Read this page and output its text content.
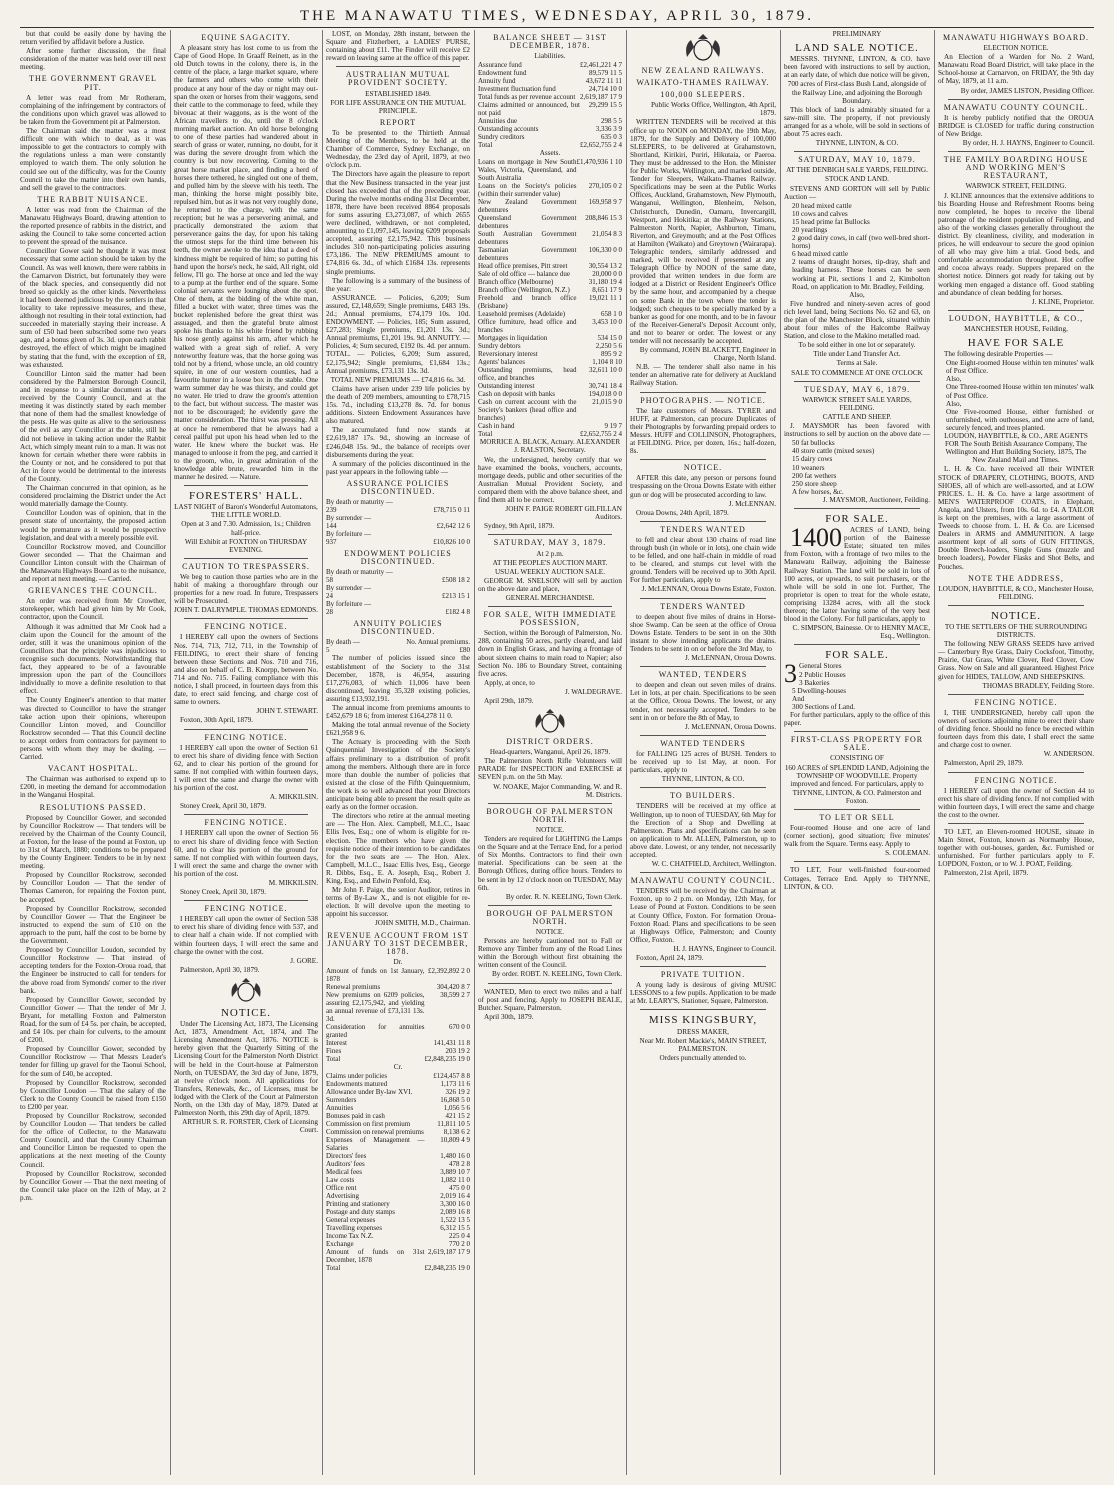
THE MANAWATU TIMES, WEDNESDAY, APRIL 30, 1879.

but that could be easily done by having the return verified by affidavit before a Justice.

After some further discussion, the final consideration of the matter was held over till next meeting.

THE GOVERNMENT GRAVEL PIT.

A letter was read from Mr Rotheram, complaining of the infringement by contractors of the conditions upon which gravel was allowed to be taken from the Government pit at Palmerston.

The Chairman said the matter was a most difficult one with which to deal, as it was impossible to get the contractors to comply with the regulations unless a man were constantly employed to watch them. The only solution he could see out of the difficulty, was for the County Council to take the matter into their own hands, and sell the gravel to the contractors.

THE RABBIT NUISANCE.

A letter was read from the Chairman of the Manawatu Highways Board, drawing attention to the reported presence of rabbits in the district, and asking the Council to take some concerted action to prevent the spread of the nuisance.

Councillor Gower said he thought it was most necessary that some action should be taken by the Council. As was well known, there were rabbits in the Carnarvon District, but fortunately they were of the black species, and consequently did not breed so quickly as the other kinds. Nevertheless it had been deemed judicious by the settlers in that locality to take repressive measures, and these, although not resulting in their total extinction, had succeeded in materially staying their increase. A sum of £50 had been subscribed some two years ago, and a bonus given of 3s. 3d. upon each rabbit destroyed, the effect of which might be imagined by stating that the fund, with the exception of £8, was exhausted.

Councillor Linton said the matter had been considered by the Palmerston Borough Council, and in response to a similar document as that received by the County Council, and at the meeting it was distinctly stated by each member that none of them had the smallest knowledge of the pests. He was quite as alive to the seriousness of the evil as any Councillor at the table, still he did not believe in taking action under the Rabbit Act, which simply meant ruin to a man. It was not known for certain whether there were rabbits in the County or not, and he considered to put that Act in force would be detrimental to the interests of the County.

The Chairman concurred in that opinion, as he considered proclaiming the District under the Act would materially damage the County.

Councillor Loudon was of opinion, that in the present state of uncertainty, the proposed action would be premature as it would be prospective legislation, and deal with a merely possible evil.

Councillor Rockstrow moved, and Councillor Gower seconded — That the Chairman and Councillor Linton consult with the Chairman of the Manawatu Highways Board as to the nuisance, and report at next meeting. — Carried.

GRIEVANCES THE COUNCIL.

An order was received from Mr Crowther, storekeeper, which had given him by Mr Cook, contractor, upon the Council.

Although it was admitted that Mr Cook had a claim upon the Council for the amount of the order, still it was the unanimous opinion of the Councillors that the principle was injudicious to recognise such documents. Notwithstanding that fact, they appeared to be of a favourable impression upon the part of the Councillors individually to move a definite resolution to that effect.

The County Engineer's attention to that matter was directed to Councillor to have the stranger take action upon their opinions, whereupon Councillor Linton moved, and Councillor Rockstrow seconded — That this Council decline to accept orders from contractors for payment to persons with whom they may be dealing. — Carried.

VACANT HOSPITAL.

The Chairman was authorised to expend up to £200, in meeting the demand for accommodation in the Wanganui Hospital.

RESOLUTIONS PASSED.

Proposed by Councillor Gower, and seconded by Councillor Rockstrow — That tenders will be received by the Chairman of the County Council, at Foxton, for the lease of the pound at Foxton, up to 31st of March, 1880; conditions to be prepared by the County Engineer. Tenders to be in by next meeting.

Proposed by Councillor Rockstrow, seconded by Councillor Loudon — That the tender of Thomas Cameron, for repairing the Foxton punt, be accepted.

Proposed by Councillor Rockstrow, seconded by Councillor Gower — That the Engineer be instructed to expend the sum of £10 on the approach to the punt, half the cost to be borne by the Government.

Proposed by Councillor Loudon, seconded by Councillor Rockstrow — That instead of accepting tenders for the Foxton-Oroua road, that the Engineer be instructed to call for tenders for the above road from Symonds' corner to the river bank.

Proposed by Councillor Gower, seconded by Councillor Gower — That the tender of Mr J. Bryant, for metalling Foxton and Palmerston Road, for the sum of £4 5s. per chain, be accepted, and £4 10s. per chain for culverts, to the amount of £200.

Proposed by Councillor Gower, seconded by Councillor Rockstrow — That Messrs Leader's tender for filling up gravel for the Taonui School, for the sum of £40, be accepted.

Proposed by Councillor Rockstrow, seconded by Councillor Loudon — That the salary of the Clerk to the County Council be raised from £150 to £200 per year.

Proposed by Councillor Rockstrow, seconded by Councillor Loudon — That tenders be called for the office of Collector, to the Manawatu County Council, and that the County Chairman and Councillor Linton be requested to open the applications at the next meeting of the County Council.

Proposed by Councillor Rockstrow, seconded by Councillor Gower — That the next meeting of the Council take place on the 12th of May, at 2 p.m.

EQUINE SAGACITY.

A pleasant story has lost come to us from the Cape of Good Hope. In Graaff Reinett, as in the old Dutch towns in the colony, there is, in the centre of the place, a large market square, where the farmers and others who come with their produce at any hour of the day or night may out-span the oxen or horses from their waggons, send their cattle to the commonage to feed, while they bivouac at their waggons, as is the wont of the African travellers to do, until the 8 o'clock morning market auction. An old horse belonging to one of these parties had wandered about in search of grass or water, running, no doubt, for it was during the severe drought from which the country is but now recovering. Coming to the great horse market place, and finding a herd of horses there tethered, he singled out one of them, and pulled him by the sleeve with his teeth. The man, thinking the horse might possibly bite, repulsed him, but as it was not very roughly done, he returned to the charge, with the same reception; but he was a persevering animal, and practically demonstrated the axiom that perseverance gains the day, for upon his taking the utmost steps for the third time between his teeth, the owner awoke to the idea that a deed of kindness might be required of him; so putting his hand upon the horse's neck, he said, All right, old fellow, I'll go. The horse at once and led the way to a pump at the further end of the square. Some colonial servants were lounging about the spot. One of them, at the bidding of the white man, filled a bucket with water, three times was the bucket replenished before the great thirst was assuaged, and then the grateful brute almost spoke his thanks to his white friend by rubbing his nose gently against his arm, after which he walked with a great sigh of relief. A very noteworthy feature was, that the horse going was told not by a friend, whose uncle, an old country squire, in one of our western counties, had a favourite hunter in a loose box in the stable. One warm summer day he was thirsty, and could get no water. He tried to draw the groom's attention to the fact, but without success. The master was not to be discouraged; he evidently gave the matter consideration. The thirst was pressing. All at once he remembered that he always had a cereal pailful put upon his head when led to the water. He knew where the bucket was. He managed to unloose it from the peg, and carried it to the groom, who, in great admiration of the knowledge able brute, rewarded him in the manner he desired. — Nature.

FORESTERS' HALL.

LAST NIGHT of Baron's Wonderful Automatons, THE LITTLE WORLD.

Open at 3 and 7.30. Admission, 1s.; Children half-price.

Will Exhibit at FOXTON on THURSDAY EVENING.

CAUTION TO TRESPASSERS.

We beg to caution those parties who are in the habit of making a thoroughfare through our properties for a new road. In future, Trespassers will be Prosecuted.

JOHN T. DALRYMPLE. THOMAS EDMONDS.

FENCING NOTICE.

I HEREBY call upon the owners of Sections Nos. 714, 713, 712, 711, in the Township of FEILDING, to erect their share of fencing between these Sections and Nos. 710 and 716, and also on behalf of C. B. Knorpp, between No. 714 and No. 715. Failing compliance with this notice, I shall proceed, in fourteen days from this date, to erect said fencing, and charge cost of same to owners.

JOHN T. STEWART.

Foxton, 30th April, 1879.

FENCING NOTICE.

I HEREBY call upon the owner of Section 61 to erect his share of dividing fence with Section 62, and to clear his portion of the ground for same. If not complied with within fourteen days, I will erect the same and charge the owner with his portion of the cost.

A. MIKKILSIN.

Stoney Creek, April 30, 1879.

FENCING NOTICE.

I HEREBY call upon the owner of Section 56 to erect his share of dividing fence with Section 60, and to clear his portion of the ground for same. If not complied with within fourteen days, I will erect the same and charge the owner with his portion of the cost.

M. MIKKILSIN.

Stoney Creek, April 30, 1879.

FENCING NOTICE.

I HEREBY call upon the owner of Section 538 to erect his share of dividing fence with 537, and to clear half a chain wide. If not complied with within fourteen days, I will erect the same and charge the owner with the cost.

J. GORE.

Palmerston, April 30, 1879.

NOTICE.

Under The Licensing Act, 1873, The Licensing Act, 1873, Amendment Act, 1874, and The Licensing Amendment Act, 1876. NOTICE is hereby given that the Quarterly Sitting of the Licensing Court for the Palmerston North District will be held in the Court-house at Palmerston North, on TUESDAY, the 3rd day of June, 1879, at twelve o'clock noon. All applications for Transfers, Renewals, &c., of Licenses, must be lodged with the Clerk of the Court at Palmerston North, on the 13th day of May, 1879. Dated at Palmerston North, this 29th day of April, 1879.

ARTHUR S. R. FORSTER, Clerk of Licensing Court.

LOST, on Monday, 28th instant, between the Square and Fitzherbert, a LADIES' PURSE, containing about £11. The Finder will receive £2 reward on leaving same at the office of this paper.

AUSTRALIAN MUTUAL PROVIDENT SOCIETY.

ESTABLISHED 1849.

FOR LIFE ASSURANCE ON THE MUTUAL PRINCIPLE.

REPORT

To be presented to the Thirtieth Annual Meeting of the Members, to be held at the Chamber of Commerce, Sydney Exchange, on Wednesday, the 23rd day of April, 1879, at two o'clock p.m.

The Directors have again the pleasure to report that the New Business transacted in the year just closed has exceeded that of the preceding year. During the twelve months ending 31st December, 1878, there have been received 8864 proposals for sums assuring £3,273,087, of which 2655 were declined, withdrawn, or not completed, amounting to £1,097,145, leaving 6209 proposals accepted, assuring £2,175,942. This business includes 310 non-participating policies assuring £73,186. The NEW PREMIUMS amount to £74,816 6s. 3d., of which £1684 13s. represents single premiums.

The following is a summary of the business of the year:

ASSURANCE. — Policies, 6,209; Sum assured, £2,148,659; Single premiums, £483 19s. 2d.; Annual premiums, £74,179 10s. 10d. ENDOWMENT. — Policies, 185; Sum assured, £27,283; Single premiums, £1,201 13s. 3d.; Annual premiums, £1,201 19s. 9d. ANNUITY. — Policies, 4; Sum secured, £192 0s. 4d. per annum. TOTAL. — Policies, 6,209; Sum assured, £2,175,942; Single premiums, £1,684 13s.; Annual premiums, £73,131 13s. 3d.

TOTAL NEW PREMIUMS — £74,816 6s. 3d.

Claims have arisen under 239 life policies by the death of 209 members, amounting to £78,715 15s. 7d., including £13,278 8s. 7d. for bonus additions. Sixteen Endowment Assurances have also matured.

The accumulated fund now stands at £2,619,187 17s. 9d., showing an increase of £246,048 15s. 9d., the balance of receipts over disbursements during the year.

A summary of the policies discontinued in the past year appears in the following table —

ASSURANCE POLICIES DISCONTINUED.
By death or maturity —	
239	£78,715 0 11
By surrender —	
144	£2,642 12 6
By forfeiture —	
937	£10,826 10 0
ENDOWMENT POLICIES DISCONTINUED.
By death or maturity —	
58	£508 18 2
By surrender —	
24	£213 15 1
By forfeiture —	
28	£182 4 8
ANNUITY POLICIES DISCONTINUED.
By death —	No. Annual premiums.
5	£80

The number of policies issued since the establishment of the Society to the 31st December, 1878, is 46,954, assuring £17,276,083, of which 11,006 have been discontinued, leaving 35,328 existing policies, assuring £13,932,191.

The annual income from premiums amounts to £452,679 18 6; from interest £164,278 11 0.

Making the total annual revenue of the Society £621,958 9 6.

The Actuary is proceeding with the Sixth Quinquennial Investigation of the Society's affairs preliminary to a distribution of profit among the members. Although there are in force more than double the number of policies that existed at the close of the Fifth Quinquennium, the work is so well advanced that your Directors anticipate being able to present the result quite as early as on the former occasion.

The directors who retire at the annual meeting are — The Hon. Alex. Campbell, M.L.C., Isaac Ellis Ives, Esq.; one of whom is eligible for re-election. The members who have given the requisite notice of their intention to be candidates for the two seats are — The Hon. Alex. Campbell, M.L.C., Isaac Ellis Ives, Esq., George R. Dibbs, Esq., E. A. Joseph, Esq., Robert J. King, Esq., and Edwin Penfold, Esq.

Mr John F. Paige, the senior Auditor, retires in terms of By-Law X., and is not eligible for re-election. It will devolve upon the meeting to appoint his successor.

JOHN SMITH, M.D., Chairman.

REVENUE ACCOUNT FROM 1ST JANUARY TO 31ST DECEMBER, 1878.

Dr.

Amount of funds on 1st January, 1878	£2,392,892 2 0
Renewal premiums	304,420 8 7
New premiums on 6209 policies, assuring £2,175,942, and yielding an annual revenue of £73,131 13s. 3d.	38,599 2 7
Consideration for annuities granted	670 0 0
Interest	141,431 11 8
Fines	203 19 2
Total	£2,848,235 19 0

Cr.

Claims under policies	£124,457 8 8
Endowments matured	1,173 11 6
Allowance under By-law XVI.	326 19 2
Surrenders	16,868 5 0
Annuities	1,056 5 6
Bonuses paid in cash	421 15 2
Commission on first premium	11,811 10 5
Commission on renewal premiums	8,138 6 2
Expenses of Management — Salaries	10,809 4 9
Directors' fees	1,480 16 0
Auditors' fees	478 2 8
Medical fees	3,889 10 7
Law costs	1,082 11 0
Office rent	475 0 0
Advertising	2,019 16 4
Printing and stationery	3,300 16 0
Postage and duty stamps	2,089 16 8
General expenses	1,522 13 5
Travelling expenses	6,312 15 5
Income Tax N.Z.	225 0 4
Exchange	770 2 0
Amount of funds on 31st December, 1878	2,619,187 17 9
Total	£2,848,235 19 0
BALANCE SHEET — 31ST DECEMBER, 1878.

Liabilities.

Assurance fund	£2,461,221 4 7
Endowment fund	89,579 11 5
Annuity fund	43,672 11 11
Investment fluctuation fund	24,714 10 0
Total funds as per revenue account	2,619,187 17 9
Claims admitted or announced, but not paid	29,299 15 5
Annuities due	298 5 5
Outstanding accounts	3,336 3 9
Sundry creditors	635 0 3
Total	£2,652,755 2 4

Assets.

Loans on mortgage in New South Wales, Victoria, Queensland, and South Australia	£1,470,936 1 10
Loans on the Society's policies (within their surrender value)	270,105 0 2
New Zealand Government debentures	169,958 9 7
Queensland Government debentures	208,846 15 3
South Australian Government debentures	21,054 8 3
Tasmanian Government debentures	106,330 0 0
Head office premises, Pitt street	30,554 13 2
Sale of old office — balance due	20,000 0 0
Branch office (Melbourne)	31,180 19 4
Branch office (Wellington, N.Z.)	8,651 17 9
Freehold and branch office (Brisbane)	19,021 11 1
Leasehold premises (Adelaide)	658 1 0
Office furniture, head office and branches	3,453 10 0
Mortgages in liquidation	534 15 0
Sundry debtors	2,250 5 6
Reversionary interest	895 9 2
Agents' balances	1,104 8 10
Outstanding premiums, head office, and branches	32,611 10 0
Outstanding interest	30,741 18 4
Cash on deposit with banks	194,018 0 0
Cash on current account with the Society's bankers (head office and branches)	21,015 9 0
Cash in hand	9 19 7
Total	£2,652,755 2 4

MORRICE A. BLACK, Actuary. ALEXANDER J. RALSTON, Secretary.

We, the undersigned, hereby certify that we have examined the books, vouchers, accounts, mortgage deeds, public and other securities of the Australian Mutual Provident Society, and compared them with the above balance sheet, and find them all to be correct.

JOHN F. PAIGE ROBERT GILFILLAN Auditors.

Sydney, 9th April, 1879.

SATURDAY, MAY 3, 1879.

At 2 p.m.

AT THE PEOPLE'S AUCTION MART.

USUAL WEEKLY AUCTION SALE.

GEORGE M. SNELSON will sell by auction on the above date and place,

GENERAL MERCHANDISE.

FOR SALE, WITH IMMEDIATE POSSESSION,

Section, within the Borough of Palmerston, No. 288, containing 50 acres, partly cleared, and laid down in English Grass, and having a frontage of about sixteen chains to main road to Napier; also Section No. 186 to Boundary Street, containing five acres.

Apply, at once, to

J. WALDEGRAVE.

April 29th, 1879.

DISTRICT ORDERS.

Head-quarters, Wanganui, April 26, 1879.

The Palmerston North Rifle Volunteers will PARADE for INSPECTION and EXERCISE at SEVEN p.m. on the 5th May.

W. NOAKE, Major Commanding, W. and R. M. Districts.

BOROUGH OF PALMERSTON NORTH.

NOTICE.

Tenders are required for LIGHTING the Lamps on the Square and at the Terrace End, for a period of Six Months. Contractors to find their own material. Specifications can be seen at the Borough Offices, during office hours. Tenders to be sent in by 12 o'clock noon on TUESDAY, May 6th.

By order. R. N. KEELING, Town Clerk.

BOROUGH OF PALMERSTON NORTH.

NOTICE.

Persons are hereby cautioned not to Fall or Remove any Timber from any of the Road Lines within the Borough without first obtaining the written consent of the Council.

By order. ROBT. N. KEELING, Town Clerk.

WANTED, Men to erect two miles and a half of post and fencing. Apply to JOSEPH BEALE, Butcher. Square, Palmerston.

April 30th, 1879.

NEW ZEALAND RAILWAYS.
WAIKATO-THAMES RAILWAY.
100,000 SLEEPERS.

Public Works Office, Wellington, 4th April, 1879.

WRITTEN TENDERS will be received at this office up to NOON on MONDAY, the 19th May, 1879, for the Supply and Delivery of 100,000 SLEEPERS, to be delivered at Grahamstown, Shortland, Kirikiri, Puriri, Hikutaia, or Paeroa. They must be addressed to the Hon. the Minister for Public Works, Wellington, and marked outside, Tender for Sleepers, Waikato-Thames Railway. Specifications may be seen at the Public Works Offices, Auckland, Grahamstown, New Plymouth, Wanganui, Wellington, Blenheim, Nelson, Christchurch, Dunedin, Oamaru, Invercargill, Westport, and Hokitika; at the Railway Stations, Palmerston North, Napier, Ashburton, Timaru, Riverton, and Greymouth; and at the Post Offices at Hamilton (Waikato) and Greytown (Wairarapa). Telegraphic tenders, similarly addressed and marked, will be received if presented at any Telegraph Office by NOON of the same date, provided that written tenders in due form are lodged at a District or Resident Engineer's Office by the same hour, and accompanied by a cheque on some Bank in the town where the tender is lodged; such cheques to be specially marked by a banker as good for one month, and to be in favour of the Receiver-General's Deposit Account only, and not to bearer or order. The lowest or any tender will not necessarily be accepted.

By command, JOHN BLACKETT, Engineer in Charge, North Island.

N.B. — The tenderer shall also name in his tender an alternative rate for delivery at Auckland Railway Station.

PHOTOGRAPHS. — NOTICE.

The late customers of Messrs. TYRER and HUFF, at Palmerston, can procure Duplicates of their Photographs by forwarding prepaid orders to Messrs. HUFF and COLLINSON, Photographers, at FEILDING. Price, per dozen, 16s.; half-dozen, 8s.

NOTICE.

AFTER this date, any person or persons found trespassing on the Oroua Downs Estate with either gun or dog will be prosecuted according to law.

J. McLENNAN.

Oroua Downs, 24th April, 1879.

TENDERS WANTED

to fell and clear about 130 chains of road line through bush (in whole or in lots), one chain wide to be felled, and one half-chain in middle of road to be cleared, and stumps cut level with the ground. Tenders will be received up to 30th April. For further particulars, apply to

J. McLENNAN, Oroua Downs Estate, Foxton.

TENDERS WANTED

to deepen about five miles of drains in Horse-shoe Swamp. Can be seen at the office of Oroua Downs Estate. Tenders to be sent in on the 30th instant to show intending applicants the drains. Tenders to be sent in on or before the 3rd May, to

J. McLENNAN, Oroua Downs.

WANTED, TENDERS

to deepen and clean out seven miles of drains. Let in lots, at per chain. Specifications to be seen at the Office, Oroua Downs. The lowest, or any tender, not necessarily accepted. Tenders to be sent in on or before the 8th of May, to

J. McLENNAN, Oroua Downs.

WANTED TENDERS

for FALLING 125 acres of BUSH. Tenders to be received up to 1st May, at noon. For particulars, apply to

THYNNE, LINTON, & CO.

TO BUILDERS.

TENDERS will be received at my office at Wellington, up to noon of TUESDAY, 6th May for the Erection of a Shop and Dwelling at Palmerston. Plans and specifications can be seen on application to Mr. ALLEN, Palmerston, up to above date. Lowest, or any tender, not necessarily accepted.

W. C. CHATFIELD, Architect, Wellington.

MANAWATU COUNTY COUNCIL.

TENDERS will be received by the Chairman at Foxton, up to 2 p.m. on Monday, 12th May, for Lease of Pound at Foxton. Conditions to be seen at County Office, Foxton. For formation Oroua-Foxton Road. Plans and specifications to be seen at Highways Office, Palmerston; and County Office, Foxton.

H. J. HAYNS, Engineer to Council.

Foxton, April 24, 1879.

PRIVATE TUITION.

A young lady is desirous of giving MUSIC LESSONS to a few pupils. Application to be made at Mr. LEARY'S, Stationer, Square, Palmerston.

MISS KINGSBURY,

DRESS MAKER,

Near Mr. Robert Mackie's, MAIN STREET, PALMERSTON.

Orders punctually attended to.

PRELIMINARY

LAND SALE NOTICE.

MESSRS. THYNNE, LINTON, & CO. have been favored with instructions to sell by auction, at an early date, of which due notice will be given,

700 acres of First-class Bush Land, alongside of the Railway Line, and adjoining the Borough Boundary.

This block of land is admirably situated for a saw-mill site. The property, if not previously arranged for as a whole, will be sold in sections of about 75 acres each.

THYNNE, LINTON, & CO.

SATURDAY, MAY 10, 1879.

AT THE DENBIGH SALE YARDS, FEILDING.

STOCK AND LAND.

STEVENS AND GORTON will sell by Public Auction —

20 head mixed cattle
10 cows and calves
15 head prime fat Bullocks
20 yearlings
2 good dairy cows, in calf (two well-bred short-horns)
6 head mixed cattle
2 teams of draught horses, tip-dray, shaft and leading harness. These horses can be seen working at Pit, sections 1 and 2, Kimbolton Road, on application to Mr. Bradley, Feilding.

Also,

Five hundred and ninety-seven acres of good rich level land, being Sections No. 62 and 63, on the plan of the Manchester Block, situated within about four miles of the Halcombe Railway Station, and close to the Makino metalled road.

To be sold either in one lot or separately.

Title under Land Transfer Act.

Terms at Sale.

SALE TO COMMENCE AT ONE O'CLOCK

TUESDAY, MAY 6, 1879.

WARWICK STREET SALE YARDS, FEILDING.

CATTLE AND SHEEP.

J. MAYSMOR has been favored with instructions to sell by auction on the above date —

50 fat bullocks
40 store cattle (mixed sexes)
15 dairy cows
10 weaners
200 fat wethers
250 store sheep
A few horses, &c.

J. MAYSMOR, Auctioneer, Feilding.

FOR SALE.

1400 ACRES of LAND, being portion of the Bainesse Estate; situated ten miles from Foxton, with a frontage of two miles to the Manawatu Railway, adjoining the Bainesse Railway Station. The land will be sold in lots of 100 acres, or upwards, to suit purchasers, or the whole will be sold in one lot. Further, The proprietor is open to treat for the whole estate, comprising 13284 acres, with all the stock thereon; the latter having some of the very best blood in the Colony. For full particulars, apply to

C. SIMPSON, Bainesse. Or to HENRY MACE, Esq., Wellington.

FOR SALE.
3 General Stores
2 Public Houses
3 Bakeries
5 Dwelling-houses
And
300 Sections of Land.

For further particulars, apply to the office of this paper.

FIRST-CLASS PROPERTY FOR SALE.

CONSISTING OF

160 ACRES of SPLENDID LAND, Adjoining the TOWNSHIP OF WOODVILLE. Property improved and fenced. For particulars, apply to

THYNNE, LINTON, & CO. Palmerston and Foxton.

TO LET OR SELL

Four-roomed House and one acre of land (corner section), good situation; five minutes' walk from the Square. Terms easy. Apply to

S. COLEMAN.

TO LET, Four well-finished four-roomed Cottages, Terrace End. Apply to THYNNE, LINTON, & CO.

MANAWATU HIGHWAYS BOARD.

ELECTION NOTICE.

An Election of a Warden for No. 2 Ward, Manawatu Road Board District, will take place in the School-house at Carnarvon, on FRIDAY, the 9th day of May, 1879, at 11 a.m.

By order, JAMES LISTON, Presiding Officer.

MANAWATU COUNTY COUNCIL.

It is hereby publicly notified that the OROUA BRIDGE is CLOSED for traffic during construction of New Bridge.

By order, H. J. HAYNS, Engineer to Council.

THE FAMILY BOARDING HOUSE AND WORKING MEN'S RESTAURANT,

WARWICK STREET, FEILDING.

J. KLINE announces that the extensive additions to his Boarding House and Refreshment Rooms being now completed, he hopes to receive the liberal patronage of the resident population of Feilding, and also of the working classes generally throughout the district. By cleanliness, civility, and moderation in prices, he will endeavour to secure the good opinion of all who may give him a trial. Good beds, and comfortable accommodation throughout. Hot coffee and cocoa always ready. Suppers prepared on the shortest notice. Dinners got ready for taking out by working men engaged a distance off. Good stabling and abundance of clean bedding for horses.

J. KLINE, Proprietor.

LOUDON, HAYBITTLE, & CO.,

MANCHESTER HOUSE, Feilding,

HAVE FOR SALE

The following desirable Properties —

One Eight-roomed House within ten minutes' walk of Post Office.
Also,
One Three-roomed House within ten minutes' walk of Post Office.
Also,
One Five-roomed House, either furnished or unfurnished, with outhouses, and one acre of land, securely fenced, and trees planted.

LOUDON, HAYBITTLE, & CO., ARE AGENTS FOR The South British Assurance Company, The Wellington and Hutt Building Society, 1875, The New Zealand Mail and Times.

L. H. & Co. have received all their WINTER STOCK of DRAPERY, CLOTHING, BOOTS, AND SHOES, all of which are well-assorted, and at LOW PRICES. L. H. & Co. have a large assortment of MEN'S WATERPROOF COATS, in Elephant, Angola, and Ulsters, from 10s. 6d. to £4. A TAILOR is kept on the premises, with a large assortment of Tweeds to choose from. L. H. & Co. are Licensed Dealers in ARMS and AMMUNITION. A large assortment kept of all sorts of GUN FITTINGS, Double Breech-loaders, Single Guns (muzzle and breech loaders), Powder Flasks and Shot Belts, and Pouches.

NOTE THE ADDRESS,

LOUDON, HAYBITTLE, & CO., Manchester House, FEILDING.

NOTICE.

TO THE SETTLERS OF THE SURROUNDING DISTRICTS.

The following NEW GRASS SEEDS have arrived — Canterbury Rye Grass, Dairy Cocksfoot, Timothy, Prairie, Oat Grass, White Clover, Red Clover, Cow Grass. Now on Sale and all guaranteed. Highest Price given for HIDES, TALLOW, AND SHEEPSKINS.

THOMAS BRADLEY, Feilding Store.

FENCING NOTICE.

I, THE UNDERSIGNED, hereby call upon the owners of sections adjoining mine to erect their share of dividing fence. Should no fence be erected within fourteen days from this date, I shall erect the same and charge cost to owner.

W. ANDERSON.

Palmerston, April 29, 1879.

FENCING NOTICE.

I HEREBY call upon the owner of Section 44 to erect his share of dividing fence. If not complied with within fourteen days, I will erect the same and charge the cost to the owner.

TO LET, an Eleven-roomed HOUSE, situate in Main Street, Foxton, known as Normanby House, together with out-houses, garden, &c. Furnished or unfurnished. For further particulars apply to F. LOPDON, Foxton, or to W. J. POAT, Feilding.

Palmerston, 21st April, 1879.
